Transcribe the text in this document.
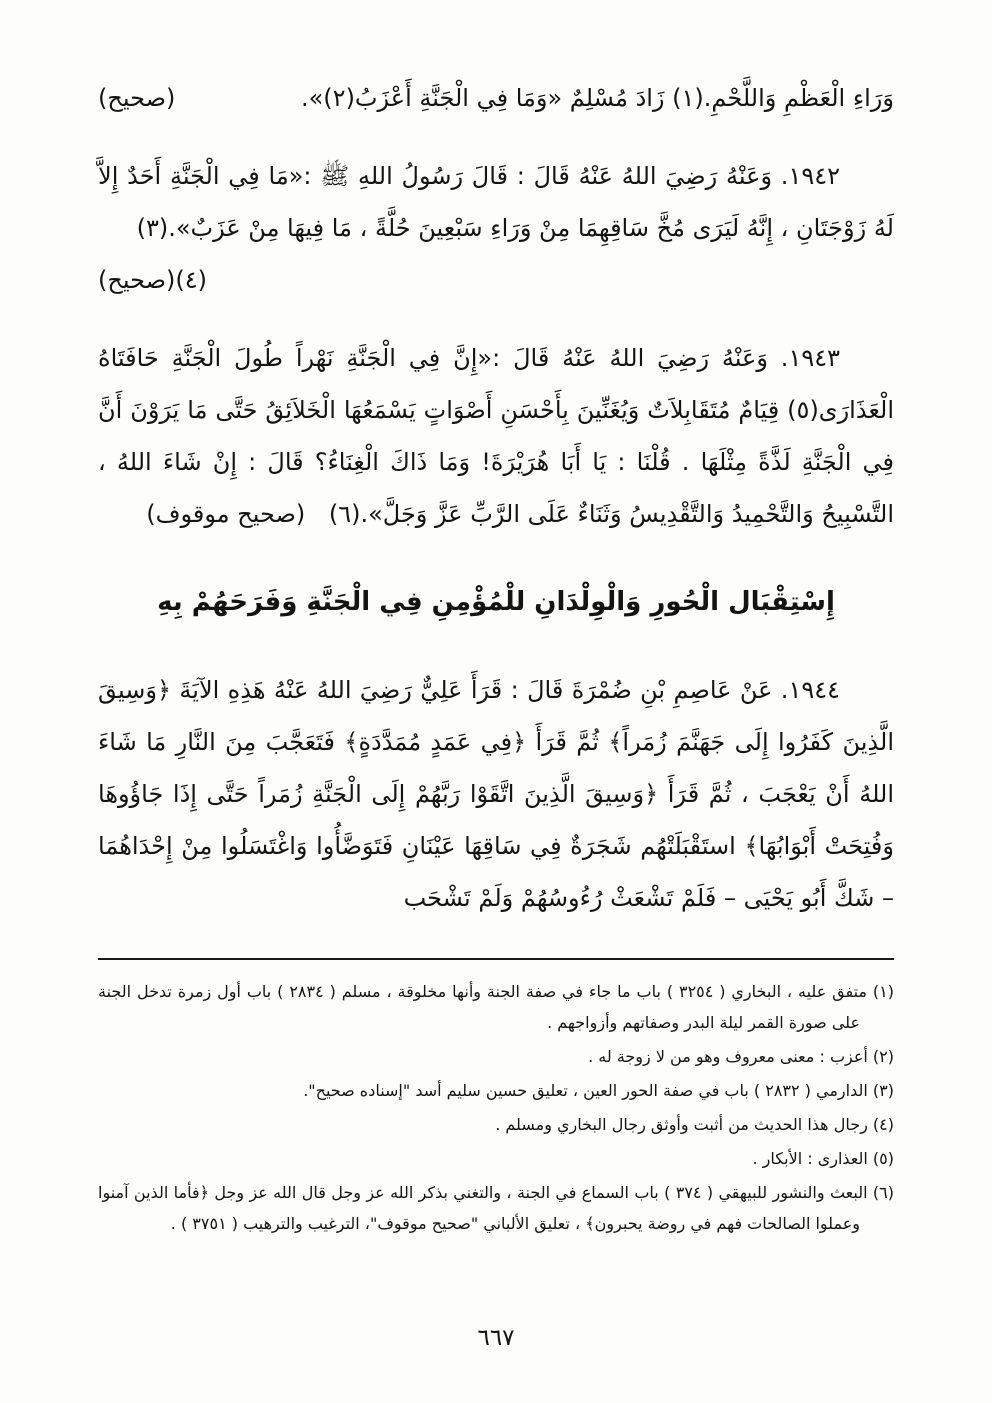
وَرَاءِ الْعَظْمِ وَاللَّحْمِ.(١) زَادَ مُسْلِمٌ «وَمَا فِي الْجَنَّةِ أَعْزَبُ(٢)».
(صحيح)

١٩٤٢. وَعَنْهُ رَضِيَ اللهُ عَنْهُ قَالَ : قَالَ رَسُولُ اللهِ ﷺ :«مَا فِي الْجَنَّةِ أَحَدٌ إِلاَّ لَهُ زَوْجَتَانِ ، إِنَّهُ لَيَرَى مُخَّ سَاقِهِمَا مِنْ وَرَاءِ سَبْعِينَ حُلَّةً ، مَا فِيهَا مِنْ عَزَبٌ».(٣)
(٤)(صحيح)

١٩٤٣. وَعَنْهُ رَضِيَ اللهُ عَنْهُ قَالَ :«إِنَّ فِي الْجَنَّةِ نَهْراً طُولَ الْجَنَّةِ حَافَتَاهُ الْعَذَارَى(٥) قِيَامٌ مُتَقَابِلاَتٌ وَيُغَنِّينَ بِأَحْسَنِ أَصْوَاتٍ يَسْمَعُهَا الْخَلاَئِقُ حَتَّى مَا يَرَوْنَ أَنَّ فِي الْجَنَّةِ لَذَّةً مِثْلَهَا . قُلْنَا : يَا أَبَا هُرَيْرَةَ! وَمَا ذَاكَ الْغِنَاءُ؟ قَالَ : إِنْ شَاءَ اللهُ ، التَّسْبِيحُ وَالتَّحْمِيدُ وَالتَّقْدِيسُ وَثَنَاءٌ عَلَى الرَّبِّ عَزَّ وَجَلَّ».(٦) (صحيح موقوف)

إِسْتِقْبَال الْحُورِ وَالْوِلْدَانِ للْمُؤْمِنِ فِي الْجَنَّةِ وَفَرَحَهُمْ بِهِ

١٩٤٤. عَنْ عَاصِمِ بْنِ ضُمْرَةَ قَالَ : قَرَأَ عَلِيٌّ رَضِيَ اللهُ عَنْهُ هَذِهِ الآيَةَ ﴿وَسِيقَ الَّذِينَ كَفَرُوا إِلَى جَهَنَّمَ زُمَراً﴾ ثُمَّ قَرَأَ ﴿فِي عَمَدٍ مُمَدَّدَةٍ﴾ فَتَعَجَّبَ مِنَ النَّارِ مَا شَاءَ اللهُ أَنْ يَعْجَبَ ، ثُمَّ قَرَأَ ﴿وَسِيقَ الَّذِينَ اتَّقَوْا رَبَّهُمْ إِلَى الْجَنَّةِ زُمَراً حَتَّى إِذَا جَاؤُوهَا وَفُتِحَتْ أَبْوَابُهَا﴾ استَقْبَلَتْهُم شَجَرَةٌ فِي سَاقِهَا عَيْنَانِ فَتَوَضَّأُوا وَاغْتَسَلُوا مِنْ إِحْدَاهُمَا – شَكَّ أَبُو يَحْيَى – فَلَمْ تَشْعَثْ رُءُوسُهُمْ وَلَمْ تَشْحَب

(١) متفق عليه ، البخاري ( ٣٢٥٤ ) باب ما جاء في صفة الجنة وأنها مخلوقة ، مسلم ( ٢٨٣٤ ) باب أول زمرة تدخل الجنة على صورة القمر ليلة البدر وصفاتهم وأزواجهم .

(٢) أعزب : معنى معروف وهو من لا زوجة له .

(٣) الدارمي ( ٢٨٣٢ ) باب في صفة الحور العين ، تعليق حسين سليم أسد "إسناده صحيح".

(٤) رجال هذا الحديث من أثبت وأوثق رجال البخاري ومسلم .

(٥) العذارى : الأبكار .

(٦) البعث والنشور للبيهقي ( ٣٧٤ ) باب السماع في الجنة ، والتغني بذكر الله عز وجل قال الله عز وجل ﴿فأما الذين آمنوا وعملوا الصالحات فهم في روضة يحبرون﴾ ، تعليق الألباني "صحيح موقوف"، الترغيب والترهيب ( ٣٧٥١ ) .

٦٦٧
